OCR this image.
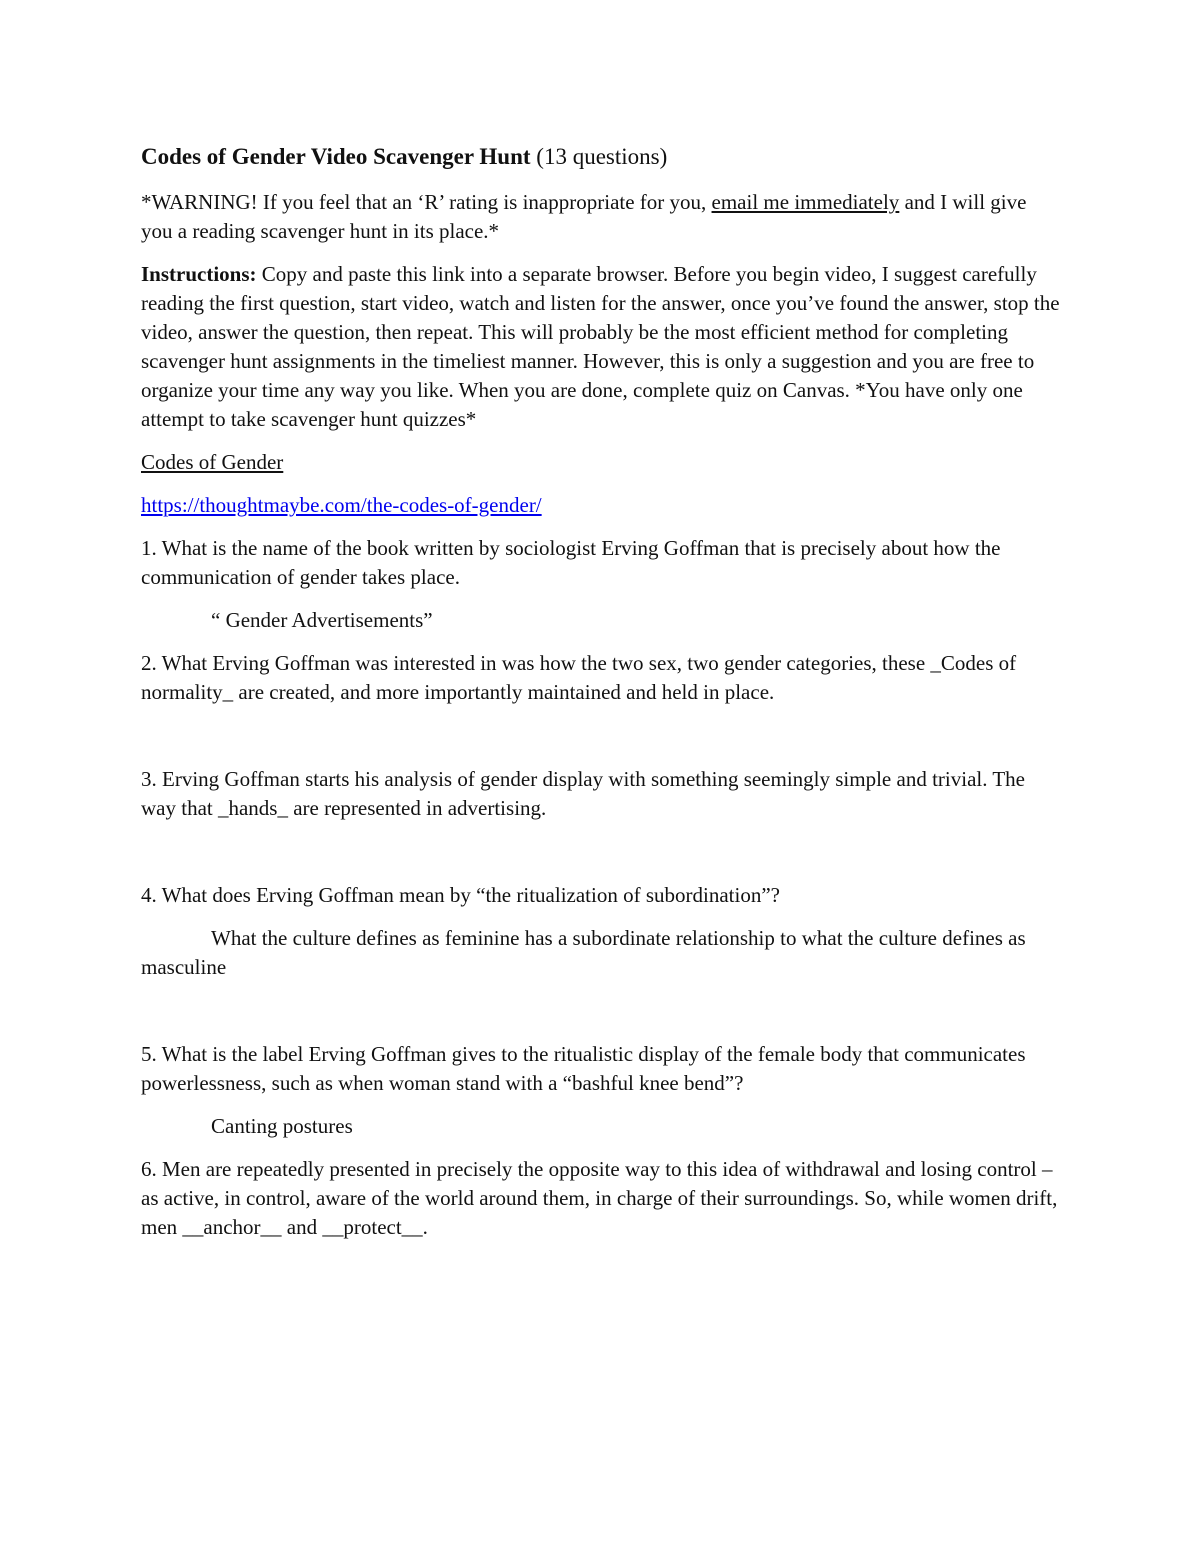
Codes of Gender Video Scavenger Hunt (13 questions)

*WARNING! If you feel that an ‘R’ rating is inappropriate for you, email me immediately and I will give you a reading scavenger hunt in its place.*

Instructions: Copy and paste this link into a separate browser. Before you begin video, I suggest carefully reading the first question, start video, watch and listen for the answer, once you’ve found the answer, stop the video, answer the question, then repeat. This will probably be the most efficient method for completing scavenger hunt assignments in the timeliest manner. However, this is only a suggestion and you are free to organize your time any way you like. When you are done, complete quiz on Canvas. *You have only one attempt to take scavenger hunt quizzes*

Codes of Gender

https://thoughtmaybe.com/the-codes-of-gender/

1. What is the name of the book written by sociologist Erving Goffman that is precisely about how the communication of gender takes place.

“ Gender Advertisements”

2. What Erving Goffman was interested in was how the two sex, two gender categories, these _Codes of normality_ are created, and more importantly maintained and held in place.

3. Erving Goffman starts his analysis of gender display with something seemingly simple and trivial. The way that _hands_ are represented in advertising.

4. What does Erving Goffman mean by “the ritualization of subordination”?

What the culture defines as feminine has a subordinate relationship to what the culture defines as masculine

5. What is the label Erving Goffman gives to the ritualistic display of the female body that communicates powerlessness, such as when woman stand with a “bashful knee bend”?

Canting postures

6. Men are repeatedly presented in precisely the opposite way to this idea of withdrawal and losing control – as active, in control, aware of the world around them, in charge of their surroundings. So, while women drift, men __anchor__ and __protect__.
